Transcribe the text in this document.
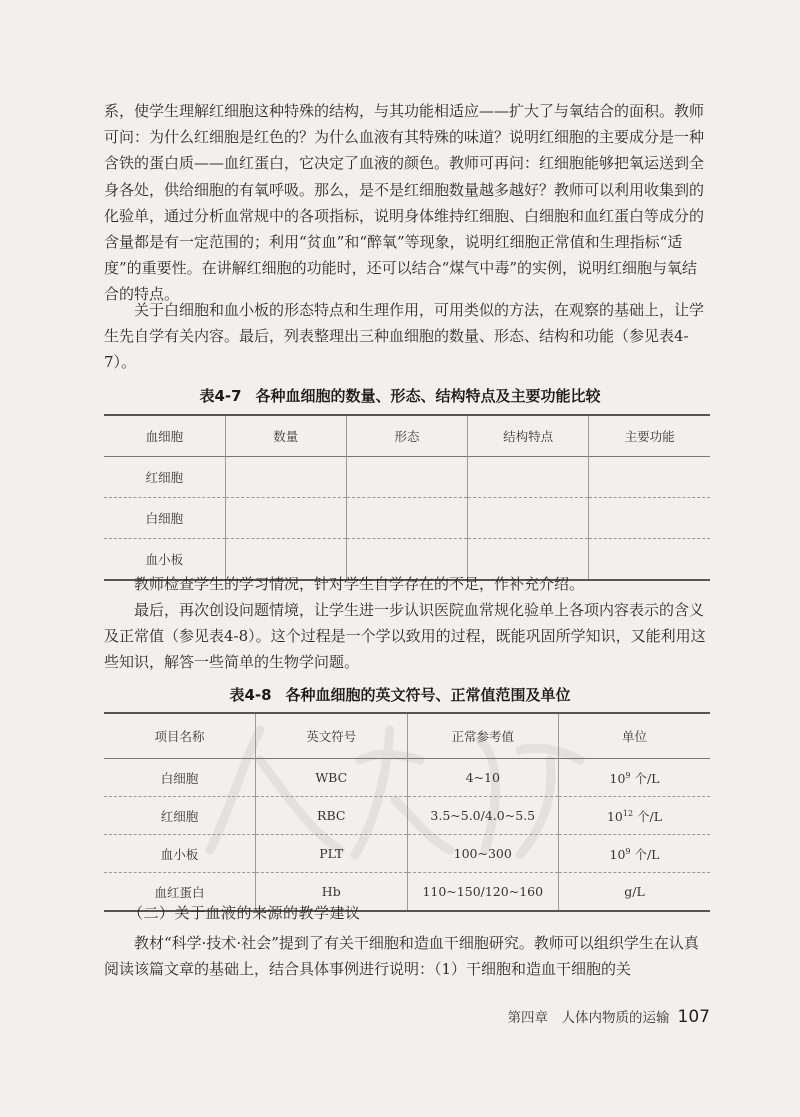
系，使学生理解红细胞这种特殊的结构，与其功能相适应——扩大了与氧结合的面积。教师可问：为什么红细胞是红色的？为什么血液有其特殊的味道？说明红细胞的主要成分是一种含铁的蛋白质——血红蛋白，它决定了血液的颜色。教师可再问：红细胞能够把氧运送到全身各处，供给细胞的有氧呼吸。那么，是不是红细胞数量越多越好？教师可以利用收集到的化验单，通过分析血常规中的各项指标，说明身体维持红细胞、白细胞和血红蛋白等成分的含量都是有一定范围的；利用“贫血”和“醉氧”等现象，说明红细胞正常值和生理指标“适度”的重要性。在讲解红细胞的功能时，还可以结合“煤气中毒”的实例，说明红细胞与氧结合的特点。

关于白细胞和血小板的形态特点和生理作用，可用类似的方法，在观察的基础上，让学生先自学有关内容。最后，列表整理出三种血细胞的数量、形态、结构和功能（参见表4-7）。

表4-7 各种血细胞的数量、形态、结构特点及主要功能比较
血细胞	数量	形态	结构特点	主要功能
红细胞				
白细胞				
血小板				

教师检查学生的学习情况，针对学生自学存在的不足，作补充介绍。

最后，再次创设问题情境，让学生进一步认识医院血常规化验单上各项内容表示的含义及正常值（参见表4-8）。这个过程是一个学以致用的过程，既能巩固所学知识，又能利用这些知识，解答一些简单的生物学问题。

表4-8 各种血细胞的英文符号、正常值范围及单位
项目名称	英文符号	正常参考值	单位
白细胞	WBC	4~10	$10^9$ 个/L
红细胞	RBC	3.5~5.0/4.0~5.5	$10^{12}$ 个/L
血小板	PLT	100~300	$10^9$ 个/L
血红蛋白	Hb	110~150/120~160	g/L
（二）关于血液的来源的教学建议

教材“科学·技术·社会”提到了有关干细胞和造血干细胞研究。教师可以组织学生在认真阅读该篇文章的基础上，结合具体事例进行说明：（1）干细胞和造血干细胞的关

第四章　人体内物质的运输 107
